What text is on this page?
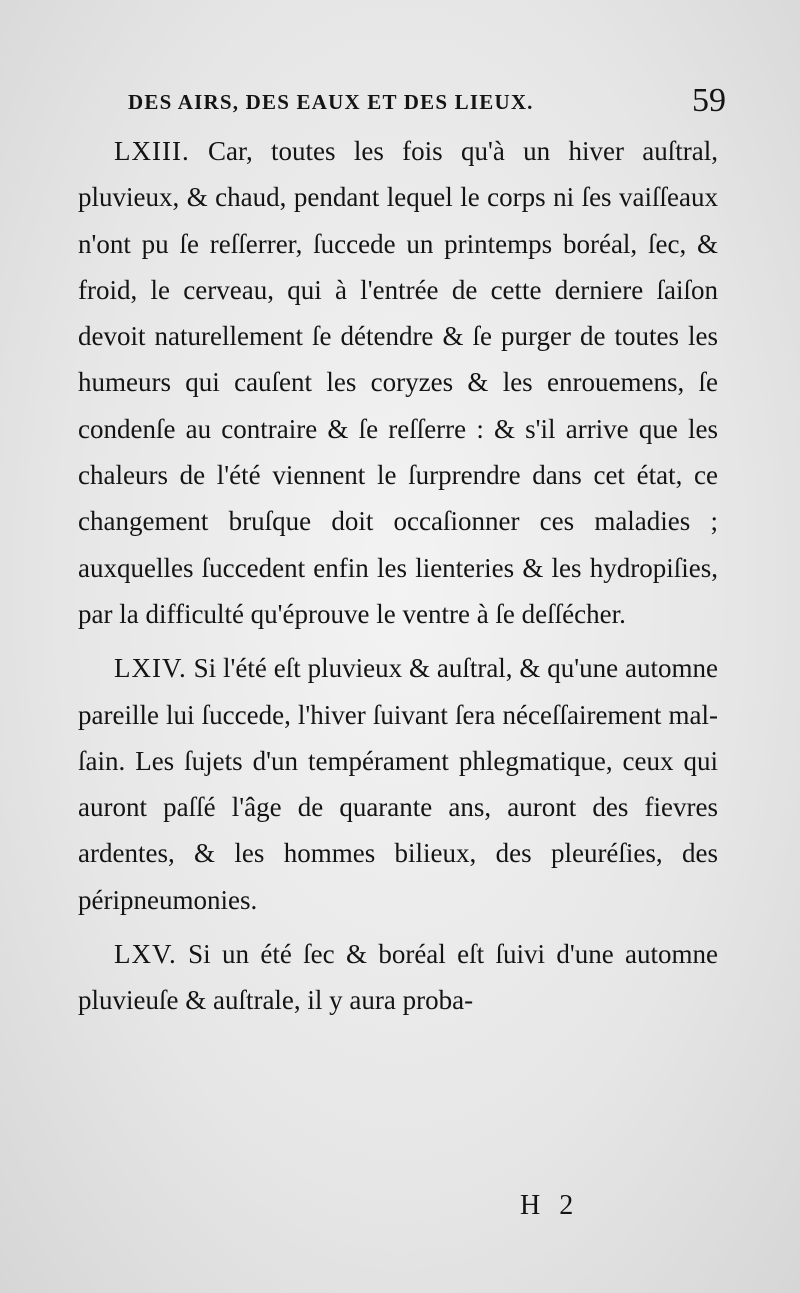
DES AIRS, DES EAUX ET DES LIEUX.	59

LXIII. Car, toutes les fois qu'à un hiver auſtral, pluvieux, & chaud, pendant lequel le corps ni ſes vaiſſeaux n'ont pu ſe reſſerrer, ſuccede un printemps boréal, ſec, & froid, le cerveau, qui à l'entrée de cette derniere ſaiſon devoit naturellement ſe détendre & ſe purger de toutes les humeurs qui cauſent les coryzes & les enrouemens, ſe condenſe au contraire & ſe reſſerre : & s'il arrive que les chaleurs de l'été viennent le ſurprendre dans cet état, ce changement bruſque doit occaſionner ces maladies ; auxquelles ſuccedent enfin les lienteries & les hydropiſies, par la difficulté qu'éprouve le ventre à ſe deſſécher.

LXIV. Si l'été eſt pluvieux & auſtral, & qu'une automne pareille lui ſuccede, l'hiver ſuivant ſera néceſſairement mal-ſain. Les ſujets d'un tempérament phlegmatique, ceux qui auront paſſé l'âge de quarante ans, auront des fievres ardentes, & les hommes bilieux, des pleuréſies, des péripneumonies.

LXV. Si un été ſec & boréal eſt ſuivi d'une automne pluvieuſe & auſtrale, il y aura proba-

H 2
